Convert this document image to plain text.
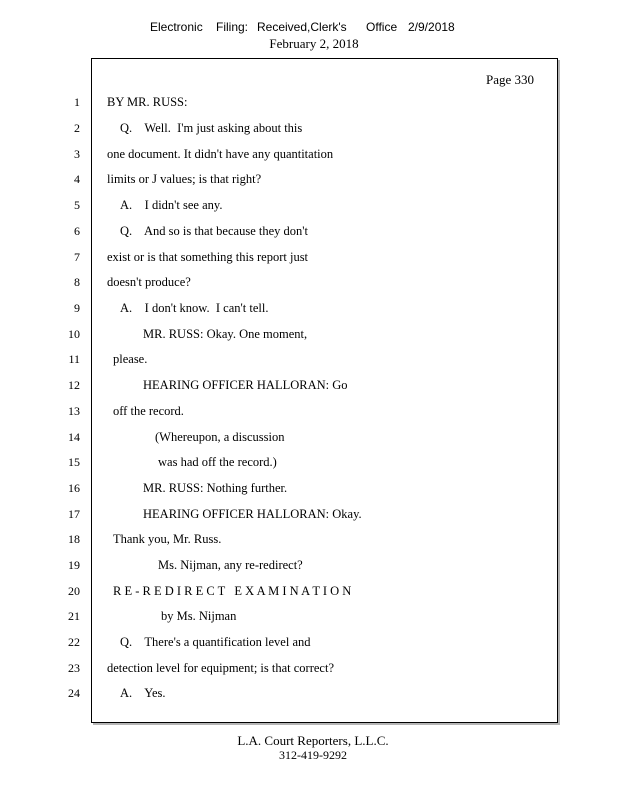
Electronic Filing: Received,Clerk's Office 2/9/2018
February 2, 2018
Page 330
1 BY MR. RUSS:
2	Q.    Well.  I'm just asking about this
3 one document. It didn't have any quantitation
4 limits or J values; is that right?
5	A.    I didn't see any.
6	Q.    And so is that because they don't
7 exist or is that something this report just
8 doesn't produce?
9	A.    I don't know.  I can't tell.
10	MR. RUSS: Okay. One moment,
11	please.
12	HEARING OFFICER HALLORAN: Go
13	off the record.
14	(Whereupon, a discussion
15	was had off the record.)
16	MR. RUSS: Nothing further.
17	HEARING OFFICER HALLORAN: Okay.
18	Thank you, Mr. Russ.
19	Ms. Nijman, any re-redirect?
20	R E - R E D I R E C T   E X A M I N A T I O N
21	by Ms. Nijman
22	Q.    There's a quantification level and
23 detection level for equipment; is that correct?
24	A.    Yes.
L.A. Court Reporters, L.L.C.
312-419-9292
